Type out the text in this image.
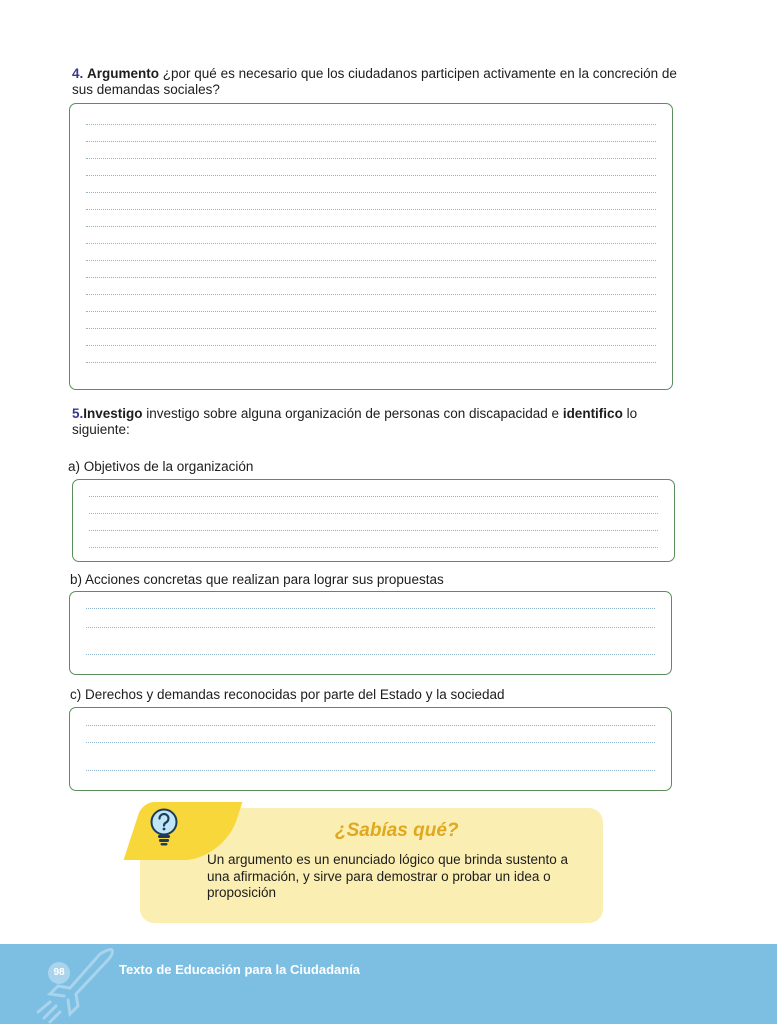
4. Argumento ¿por qué es necesario que los ciudadanos participen activamente en la concreción de sus demandas sociales?
5.Investigo investigo sobre alguna organización de personas con discapacidad e identifico lo siguiente:
a) Objetivos de la organización
b) Acciones concretas que realizan para lograr sus propuestas
c) Derechos y demandas reconocidas por parte del Estado y la sociedad
¿Sabías qué?
Un argumento es un enunciado lógico que brinda sustento a una afirmación, y sirve para demostrar o probar un idea o proposición
98	Texto de Educación para la Ciudadanía
